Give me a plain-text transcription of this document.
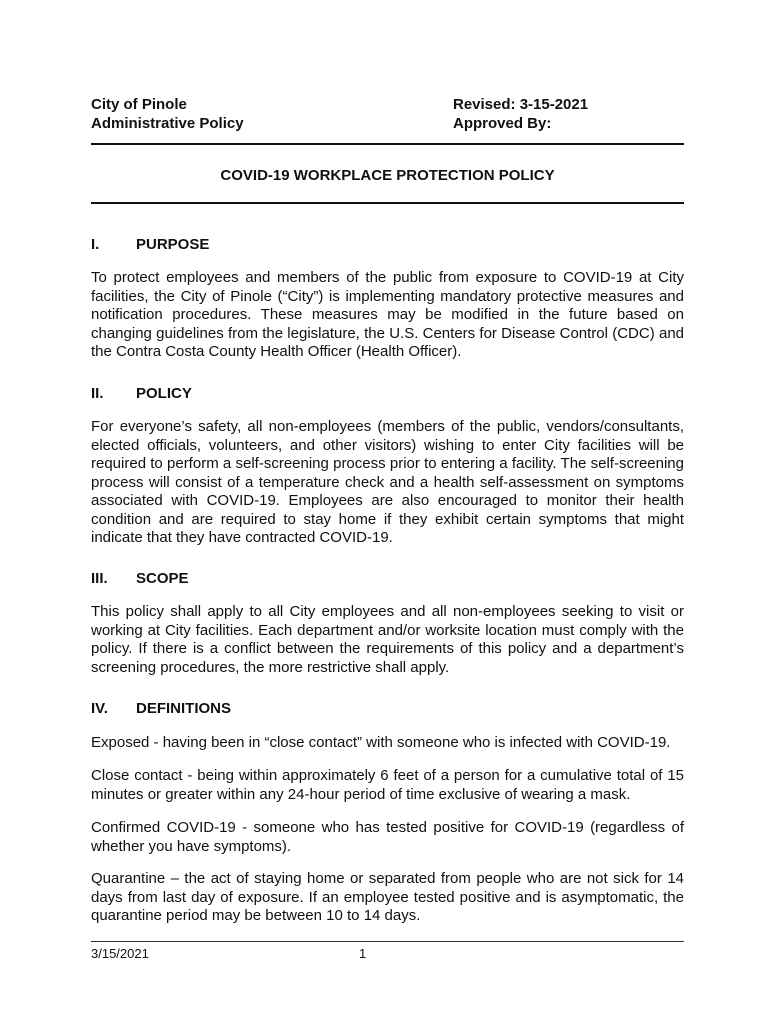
City of Pinole
Administrative Policy
Revised: 3-15-2021
Approved By:
COVID-19 WORKPLACE PROTECTION POLICY
I. PURPOSE
To protect employees and members of the public from exposure to COVID-19 at City facilities, the City of Pinole (“City”) is implementing mandatory protective measures and notification procedures. These measures may be modified in the future based on changing guidelines from the legislature, the U.S. Centers for Disease Control (CDC) and the Contra Costa County Health Officer (Health Officer).
II. POLICY
For everyone’s safety, all non-employees (members of the public, vendors/consultants, elected officials, volunteers, and other visitors) wishing to enter City facilities will be required to perform a self-screening process prior to entering a facility. The self-screening process will consist of a temperature check and a health self-assessment on symptoms associated with COVID-19. Employees are also encouraged to monitor their health condition and are required to stay home if they exhibit certain symptoms that might indicate that they have contracted COVID-19.
III. SCOPE
This policy shall apply to all City employees and all non-employees seeking to visit or working at City facilities. Each department and/or worksite location must comply with the policy. If there is a conflict between the requirements of this policy and a department’s screening procedures, the more restrictive shall apply.
IV. DEFINITIONS
Exposed - having been in “close contact” with someone who is infected with COVID-19.
Close contact - being within approximately 6 feet of a person for a cumulative total of 15 minutes or greater within any 24-hour period of time exclusive of wearing a mask.
Confirmed COVID-19 - someone who has tested positive for COVID-19 (regardless of whether you have symptoms).
Quarantine – the act of staying home or separated from people who are not sick for 14 days from last day of exposure. If an employee tested positive and is asymptomatic, the quarantine period may be between 10 to 14 days.
3/15/2021	1
